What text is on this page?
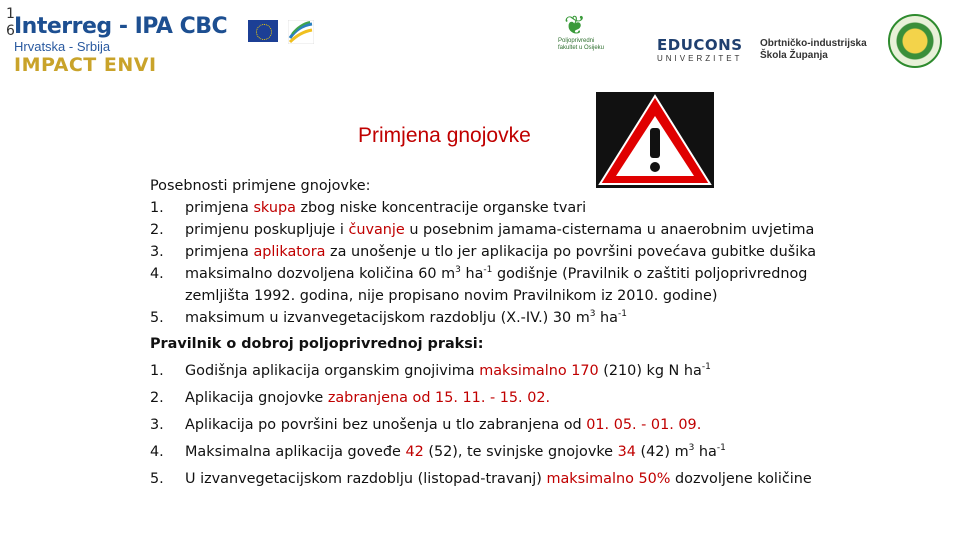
16 Interreg - IPA CBC
Hrvatska - Srbija
IMPACT ENVI
❦
Poljoprivredni fakultet u Osijeku	EDUCONS
UNIVERZITET
Obrtničko-industrijska
Škola Županja
Primjena gnojovke
Posebnosti primjene gnojovke:
1.	primjena skupa zbog niske koncentracije organske tvari
2.	primjenu poskupljuje i čuvanje u posebnim jamama-cisternama u anaerobnim uvjetima
3.	primjena aplikatora za unošenje u tlo jer aplikacija po površini povećava gubitke dušika
4.	maksimalno dozvoljena količina 60 $m^3$ $ha^{-1}$ godišnje (Pravilnik o zaštiti poljoprivrednog zemljišta 1992. godina, nije propisano novim Pravilnikom iz 2010. godine)
5.	maksimum u izvanvegetacijskom razdoblju (X.-IV.) 30 $m^3$ $ha^{-1}$
Pravilnik o dobroj poljoprivrednoj praksi:
1.	Godišnja aplikacija organskim gnojivima maksimalno 170 (210) kg N $ha^{-1}$
2.	Aplikacija gnojovke zabranjena od 15. 11. - 15. 02.
3.	Aplikacija po površini bez unošenja u tlo zabranjena od 01. 05. - 01. 09.
4.	Maksimalna aplikacija goveđe 42 (52), te svinjske gnojovke 34 (42) $m^3$ $ha^{-1}$
5.	U izvanvegetacijskom razdoblju (listopad-travanj) maksimalno 50% dozvoljene količine
